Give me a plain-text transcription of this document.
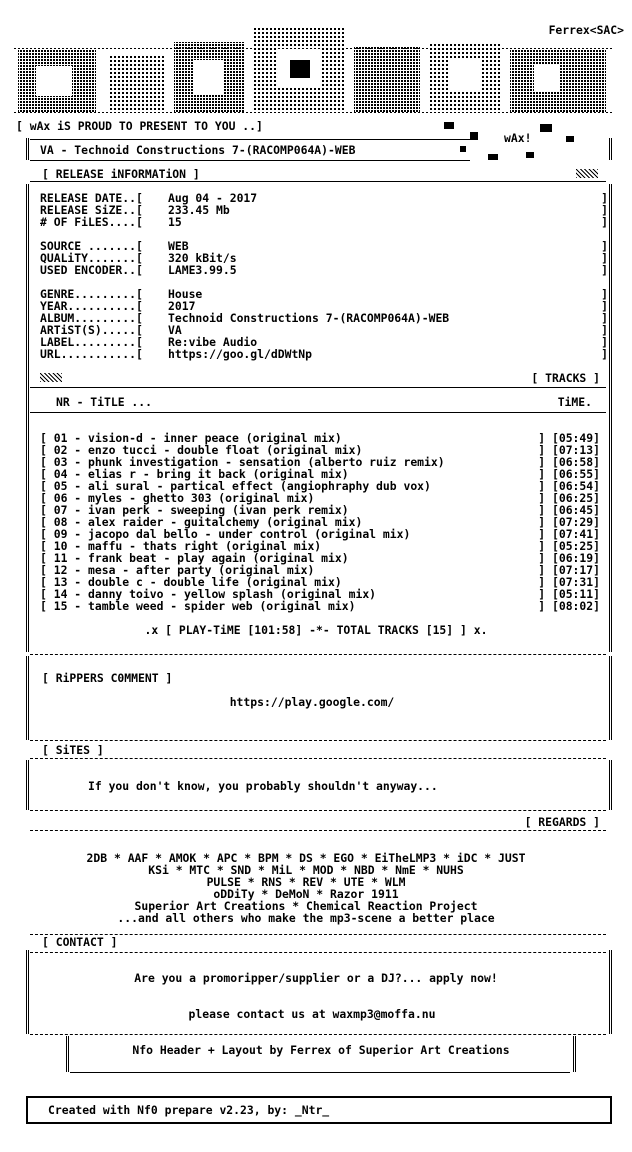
Ferrex<SAC>
[ wAx iS PROUD TO PRESENT TO YOU ..]
wAx!
VA - Technoid Constructions 7-(RACOMP064A)-WEB
[ RELEASE iNFORMATiON ]
RELEASE DATE..[	Aug 04 - 2017	]
RELEASE SiZE..[	233.45 Mb	]
# OF FiLES....[	15	]
SOURCE .......[	WEB	]
QUALiTY.......[	320 kBit/s	]
USED ENCODER..[	LAME3.99.5	]
GENRE.........[	House	]
YEAR..........[	2017	]
ALBUM.........[	Technoid Constructions 7-(RACOMP064A)-WEB	]
ARTiST(S).....[	VA	]
LABEL.........[	Re:vibe Audio	]
URL...........[	https://goo.gl/dDWtNp	]
[ TRACKS ]
NR - TiTLE ...	TiME.
[ 01 - vision-d - inner peace (original mix)	] [05:49]
[ 02 - enzo tucci - double float (original mix)	] [07:13]
[ 03 - phunk investigation - sensation (alberto ruiz remix)	] [06:58]
[ 04 - elias r - bring it back (original mix)	] [06:55]
[ 05 - ali sural - partical effect (angiophraphy dub vox)	] [06:54]
[ 06 - myles - ghetto 303 (original mix)	] [06:25]
[ 07 - ivan perk - sweeping (ivan perk remix)	] [06:45]
[ 08 - alex raider - guitalchemy (original mix)	] [07:29]
[ 09 - jacopo dal bello - under control (original mix)	] [07:41]
[ 10 - maffu - thats right (original mix)	] [05:25]
[ 11 - frank beat - play again (original mix)	] [06:19]
[ 12 - mesa - after party (original mix)	] [07:17]
[ 13 - double c - double life (original mix)	] [07:31]
[ 14 - danny toivo - yellow splash (original mix)	] [05:11]
[ 15 - tamble weed - spider web (original mix)	] [08:02]
.x [ PLAY-TiME [101:58] -*- TOTAL TRACKS [15] ] x.
[ RiPPERS C0MMENT ]
https://play.google.com/
[ SiTES ]
If you don't know, you probably shouldn't anyway...
[ REGARDS ]
2DB * AAF * AMOK * APC * BPM * DS * EGO * EiTheLMP3 * iDC * JUST
KSi * MTC * SND * MiL * MOD * NBD * NmE * NUHS
PULSE * RNS * REV * UTE * WLM
oDDiTy * DeMoN * Razor 1911
Superior Art Creations * Chemical Reaction Project
...and all others who make the mp3-scene a better place
[ CONTACT ]
Are you a promoripper/supplier or a DJ?... apply now!
please contact us at waxmp3@moffa.nu
Nfo Header + Layout by Ferrex of Superior Art Creations
Created with Nf0 prepare v2.23, by: _Ntr_
